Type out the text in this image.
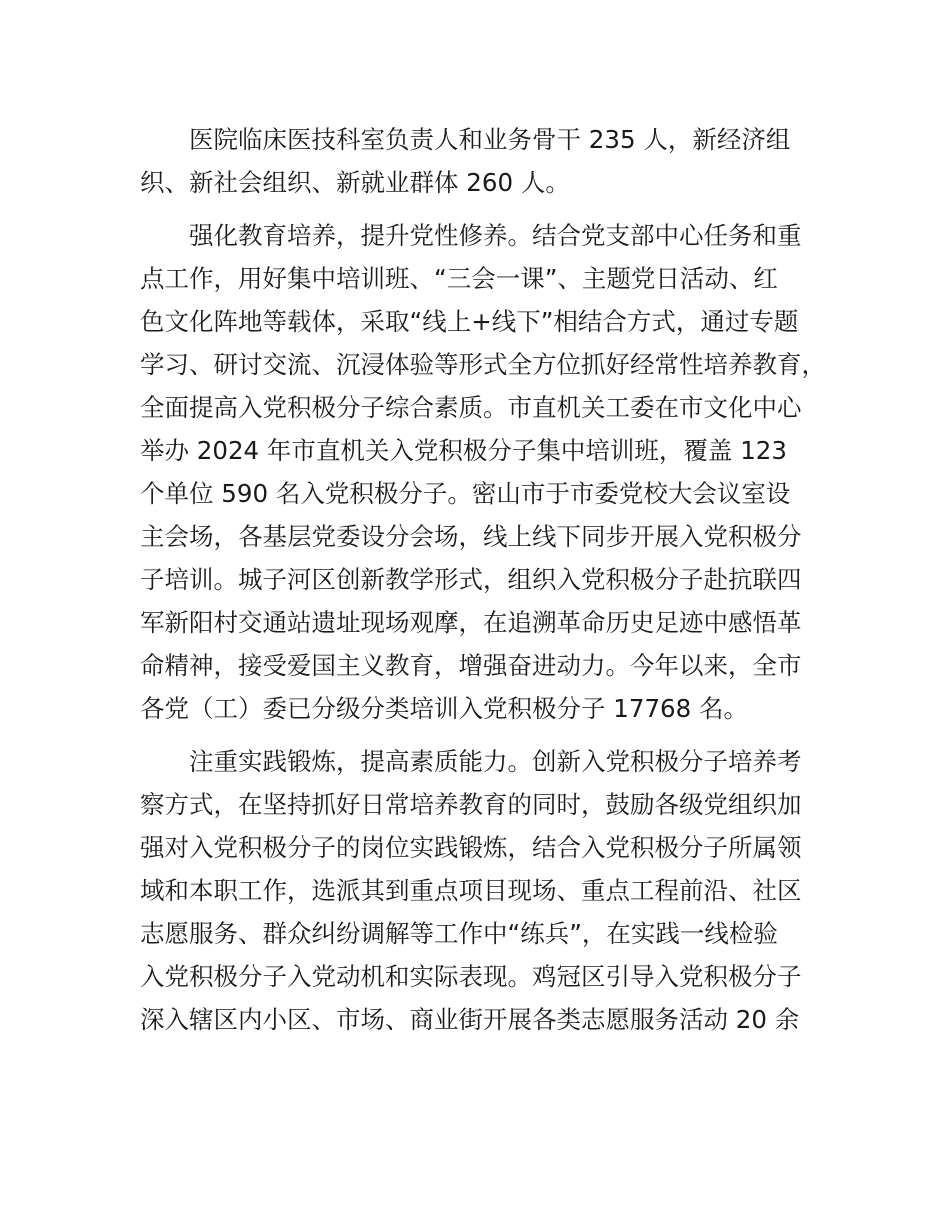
医院临床医技科室负责人和业务骨干 235 人，新经济组
织、新社会组织、新就业群体 260 人。
强化教育培养，提升党性修养。结合党支部中心任务和重
点工作，用好集中培训班、“三会一课”、主题党日活动、红
色文化阵地等载体，采取“线上+线下”相结合方式，通过专题
学习、研讨交流、沉浸体验等形式全方位抓好经常性培养教育，
全面提高入党积极分子综合素质。市直机关工委在市文化中心
举办 2024 年市直机关入党积极分子集中培训班，覆盖 123
个单位 590 名入党积极分子。密山市于市委党校大会议室设
主会场，各基层党委设分会场，线上线下同步开展入党积极分
子培训。城子河区创新教学形式，组织入党积极分子赴抗联四
军新阳村交通站遗址现场观摩，在追溯革命历史足迹中感悟革
命精神，接受爱国主义教育，增强奋进动力。今年以来，全市
各党（工）委已分级分类培训入党积极分子 17768 名。
注重实践锻炼，提高素质能力。创新入党积极分子培养考
察方式，在坚持抓好日常培养教育的同时，鼓励各级党组织加
强对入党积极分子的岗位实践锻炼，结合入党积极分子所属领
域和本职工作，选派其到重点项目现场、重点工程前沿、社区
志愿服务、群众纠纷调解等工作中“练兵”，在实践一线检验
入党积极分子入党动机和实际表现。鸡冠区引导入党积极分子
深入辖区内小区、市场、商业街开展各类志愿服务活动 20 余
